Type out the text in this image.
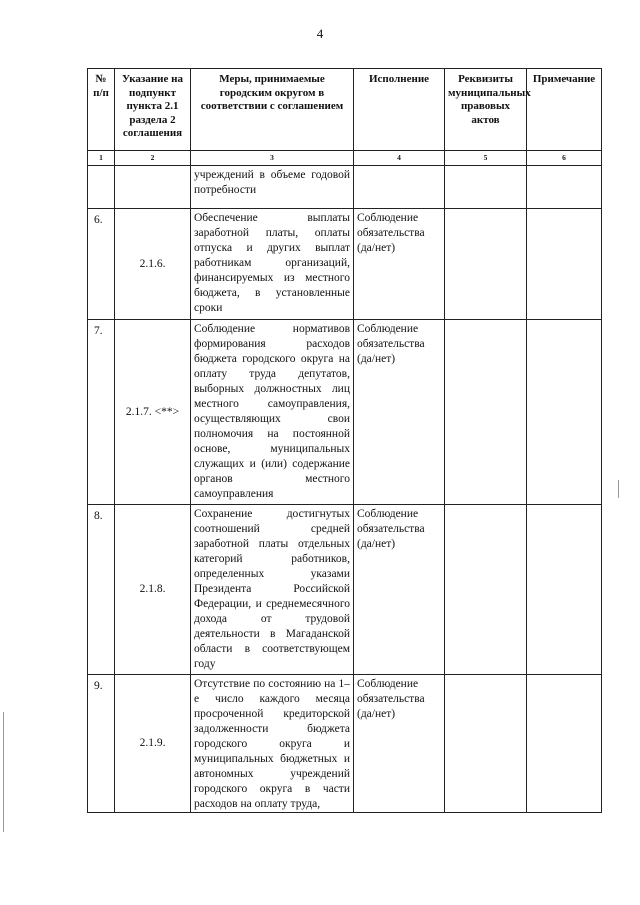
4
№ п/п	Указание на подпункт пункта 2.1 раздела 2 соглашения	Меры, принимаемые городским округом в соответствии с соглашением	Исполнение	Реквизиты муниципальных правовых актов	Примечание
1	2	3	4	5	6
		учреждений в объеме годовой потребности			
6.	2.1.6.	Обеспечение выплаты заработной платы, оплаты отпуска и других выплат работникам организаций, финансируемых из местного бюджета, в установленные сроки	Соблюдение обязательства (да/нет)		
7.	2.1.7. <**>	Соблюдение нормативов формирования расходов бюджета городского округа на оплату труда депутатов, выборных должностных лиц местного самоуправления, осуществляющих свои полномочия на постоянной основе, муниципальных служащих и (или) содержание органов местного самоуправления	Соблюдение обязательства (да/нет)		
8.	2.1.8.	Сохранение достигнутых соотношений средней заработной платы отдельных категорий работников, определенных указами Президента Российской Федерации, и среднемесячного дохода от трудовой деятельности в Магаданской области в соответствующем году	Соблюдение обязательства (да/нет)		
9.	2.1.9.	Отсутствие по состоянию на 1–е число каждого месяца просроченной кредиторской задолженности бюджета городского округа и муниципальных бюджетных и автономных учреждений городского округа в части расходов на оплату труда,	Соблюдение обязательства (да/нет)		
